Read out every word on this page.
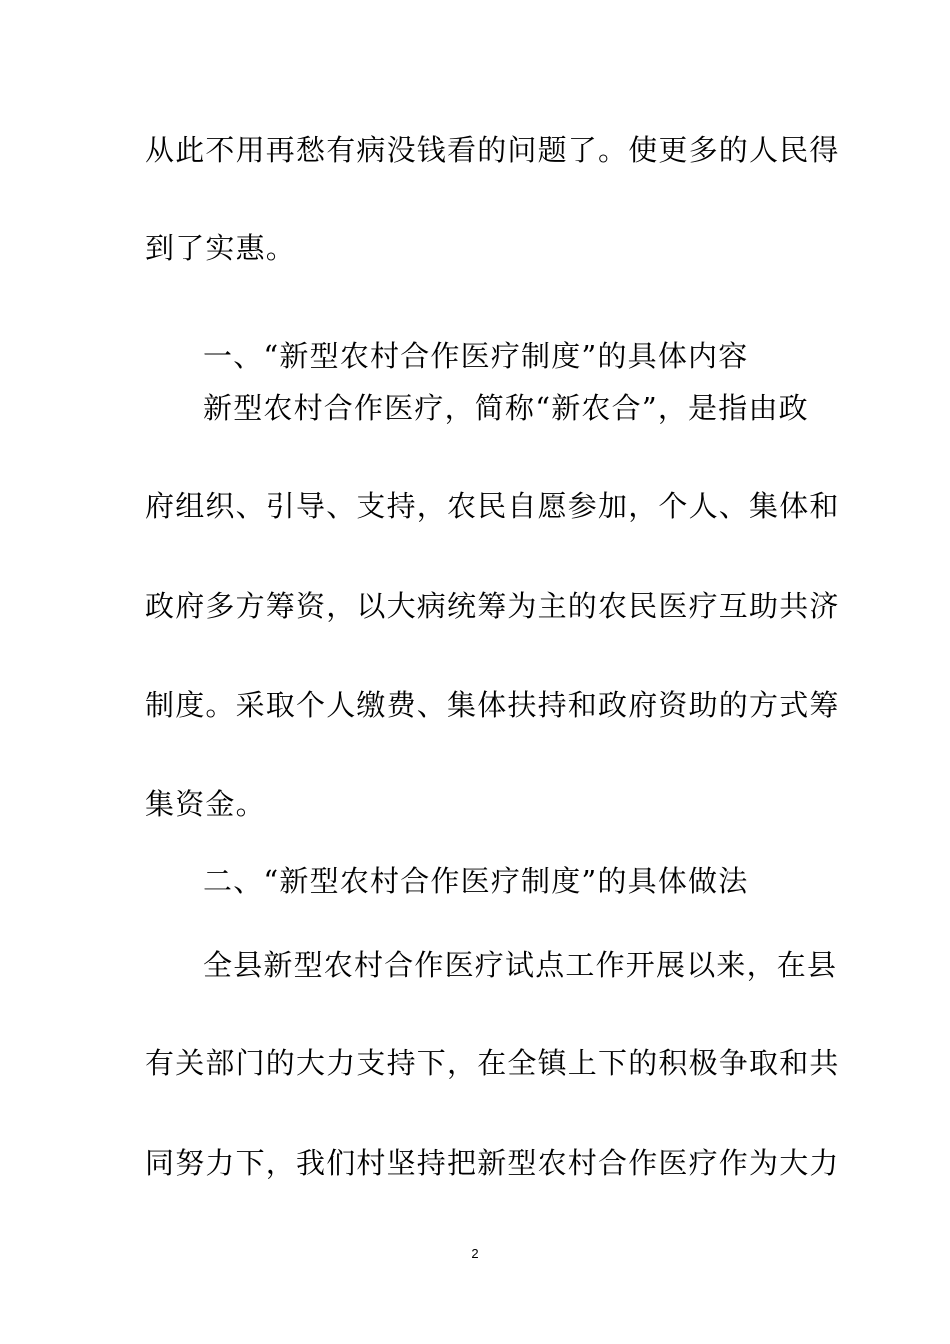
从此不用再愁有病没钱看的问题了。使更多的人民得
到了实惠。
一、“新型农村合作医疗制度”的具体内容
新型农村合作医疗，简称“新农合”，是指由政
府组织、引导、支持，农民自愿参加，个人、集体和
政府多方筹资，以大病统筹为主的农民医疗互助共济
制度。采取个人缴费、集体扶持和政府资助的方式筹
集资金。
二、“新型农村合作医疗制度”的具体做法
全县新型农村合作医疗试点工作开展以来，在县
有关部门的大力支持下，在全镇上下的积极争取和共
同努力下，我们村坚持把新型农村合作医疗作为大力
2
